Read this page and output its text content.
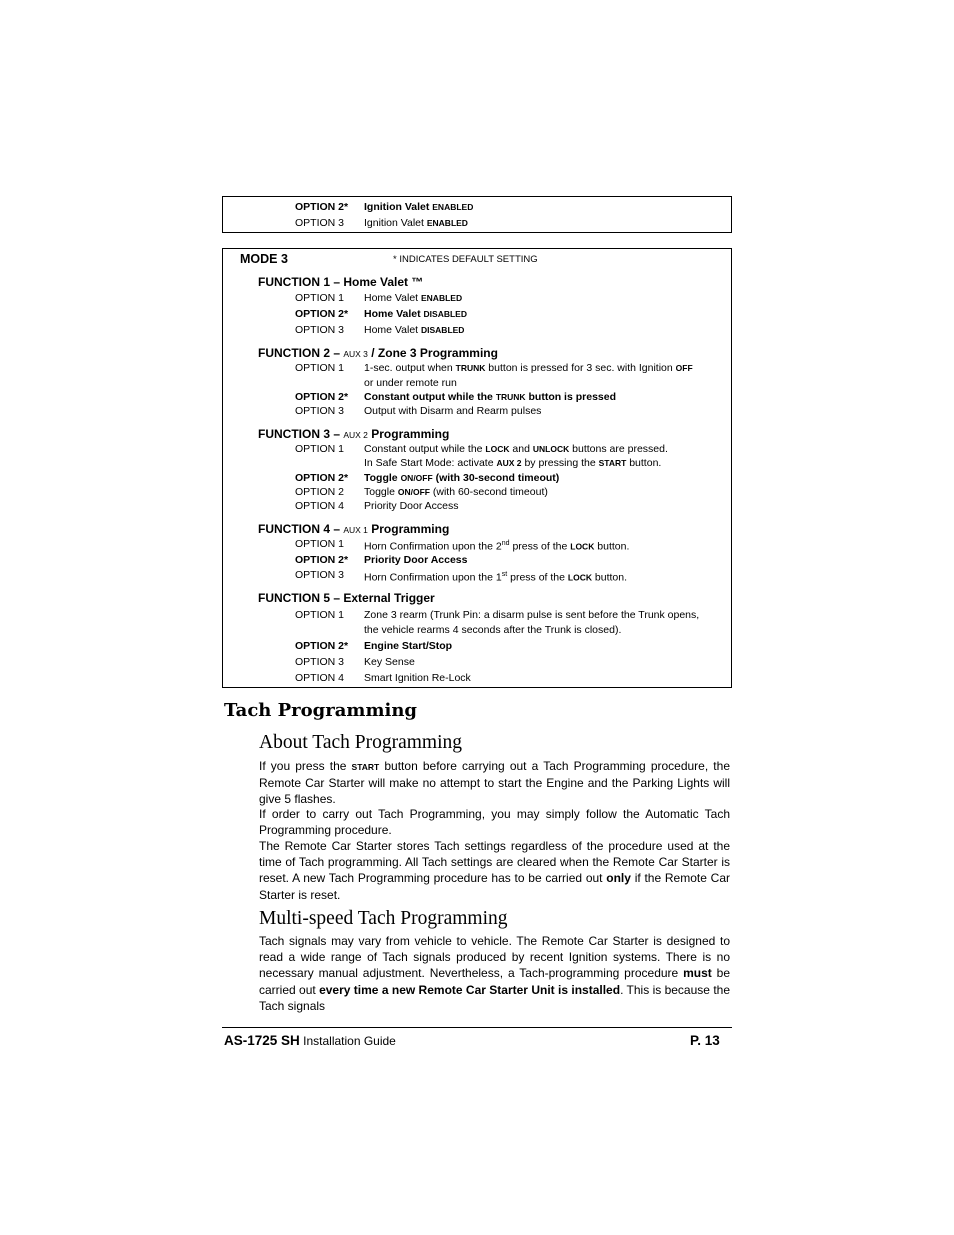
OPTION 2* Ignition Valet ENABLED
OPTION 3 Ignition Valet ENABLED
MODE 3	* INDICATES DEFAULT SETTING
FUNCTION 1 – Home Valet ™
OPTION 1 Home Valet ENABLED
OPTION 2* Home Valet DISABLED
OPTION 3 Home Valet DISABLED
FUNCTION 2 – AUX 3 / Zone 3 Programming
OPTION 1 1-sec. output when TRUNK button is pressed for 3 sec. with Ignition OFF
or under remote run
OPTION 2* Constant output while the TRUNK button is pressed
OPTION 3 Output with Disarm and Rearm pulses
FUNCTION 3 – AUX 2 Programming
OPTION 1 Constant output while the LOCK and UNLOCK buttons are pressed.
In Safe Start Mode: activate AUX 2 by pressing the START button.
OPTION 2* Toggle ON/OFF (with 30-second timeout)
OPTION 2 Toggle ON/OFF (with 60-second timeout)
OPTION 4 Priority Door Access
FUNCTION 4 – AUX 1 Programming
OPTION 1 Horn Confirmation upon the 2nd press of the LOCK button.
OPTION 2* Priority Door Access
OPTION 3 Horn Confirmation upon the 1st press of the LOCK button.
FUNCTION 5 – External Trigger
OPTION 1 Zone 3 rearm (Trunk Pin: a disarm pulse is sent before the Trunk opens,
the vehicle rearms 4 seconds after the Trunk is closed).
OPTION 2* Engine Start/Stop
OPTION 3 Key Sense
OPTION 4 Smart Ignition Re-Lock
Tach Programming
About Tach Programming
If you press the START button before carrying out a Tach Programming procedure, the Remote Car Starter will make no attempt to start the Engine and the Parking Lights will give 5 flashes.
If order to carry out Tach Programming, you may simply follow the Automatic Tach Programming procedure.
The Remote Car Starter stores Tach settings regardless of the procedure used at the time of Tach programming. All Tach settings are cleared when the Remote Car Starter is reset. A new Tach Programming procedure has to be carried out only if the Remote Car Starter is reset.
Multi-speed Tach Programming
Tach signals may vary from vehicle to vehicle. The Remote Car Starter is designed to read a wide range of Tach signals produced by recent Ignition systems. There is no necessary manual adjustment. Nevertheless, a Tach-programming procedure must be carried out every time a new Remote Car Starter Unit is installed. This is because the Tach signals
AS-1725 SH Installation Guide	P. 13
